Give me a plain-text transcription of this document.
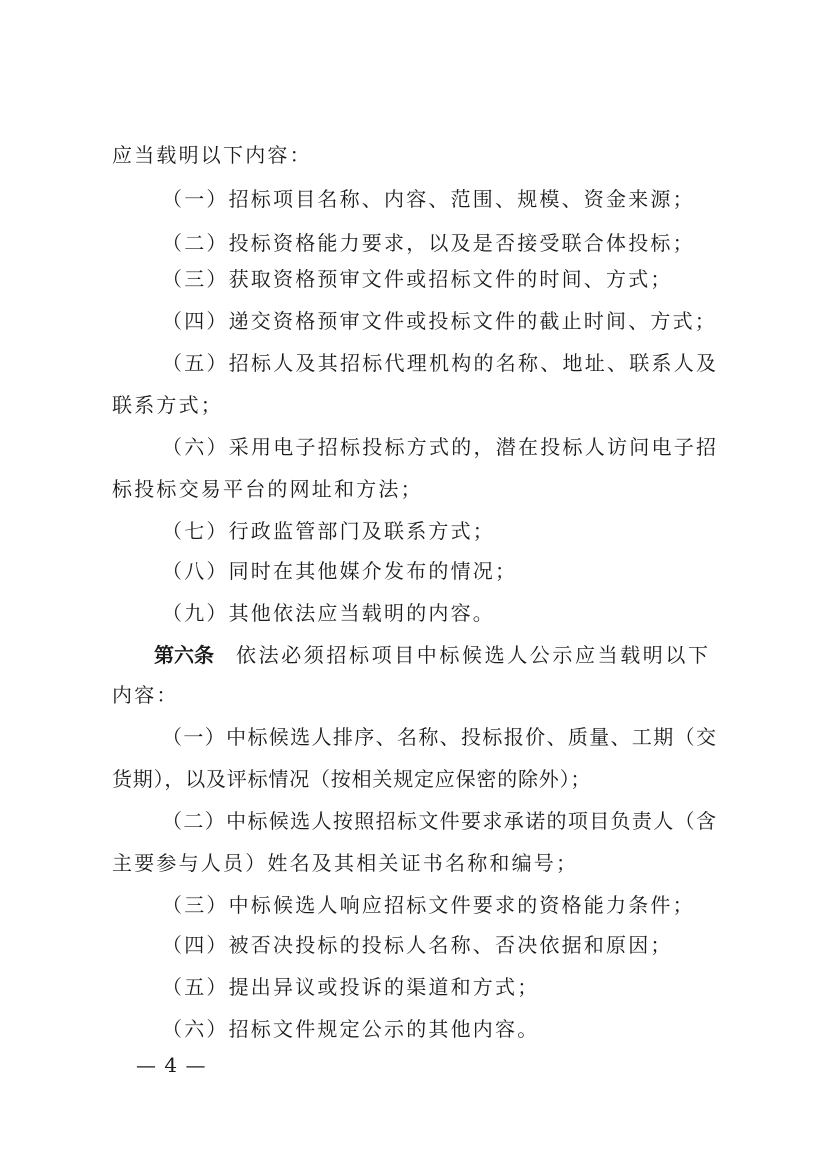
应当载明以下内容：
（一）招标项目名称、内容、范围、规模、资金来源；
（二）投标资格能力要求，以及是否接受联合体投标；
（三）获取资格预审文件或招标文件的时间、方式；
（四）递交资格预审文件或投标文件的截止时间、方式；
（五）招标人及其招标代理机构的名称、地址、联系人及
联系方式；
（六）采用电子招标投标方式的，潜在投标人访问电子招
标投标交易平台的网址和方法；
（七）行政监管部门及联系方式；
（八）同时在其他媒介发布的情况；
（九）其他依法应当载明的内容。
第六条 依法必须招标项目中标候选人公示应当载明以下
内容：
（一）中标候选人排序、名称、投标报价、质量、工期（交
货期），以及评标情况（按相关规定应保密的除外）；
（二）中标候选人按照招标文件要求承诺的项目负责人（含
主要参与人员）姓名及其相关证书名称和编号；
（三）中标候选人响应招标文件要求的资格能力条件；
（四）被否决投标的投标人名称、否决依据和原因；
（五）提出异议或投诉的渠道和方式；
（六）招标文件规定公示的其他内容。
— 4 —
